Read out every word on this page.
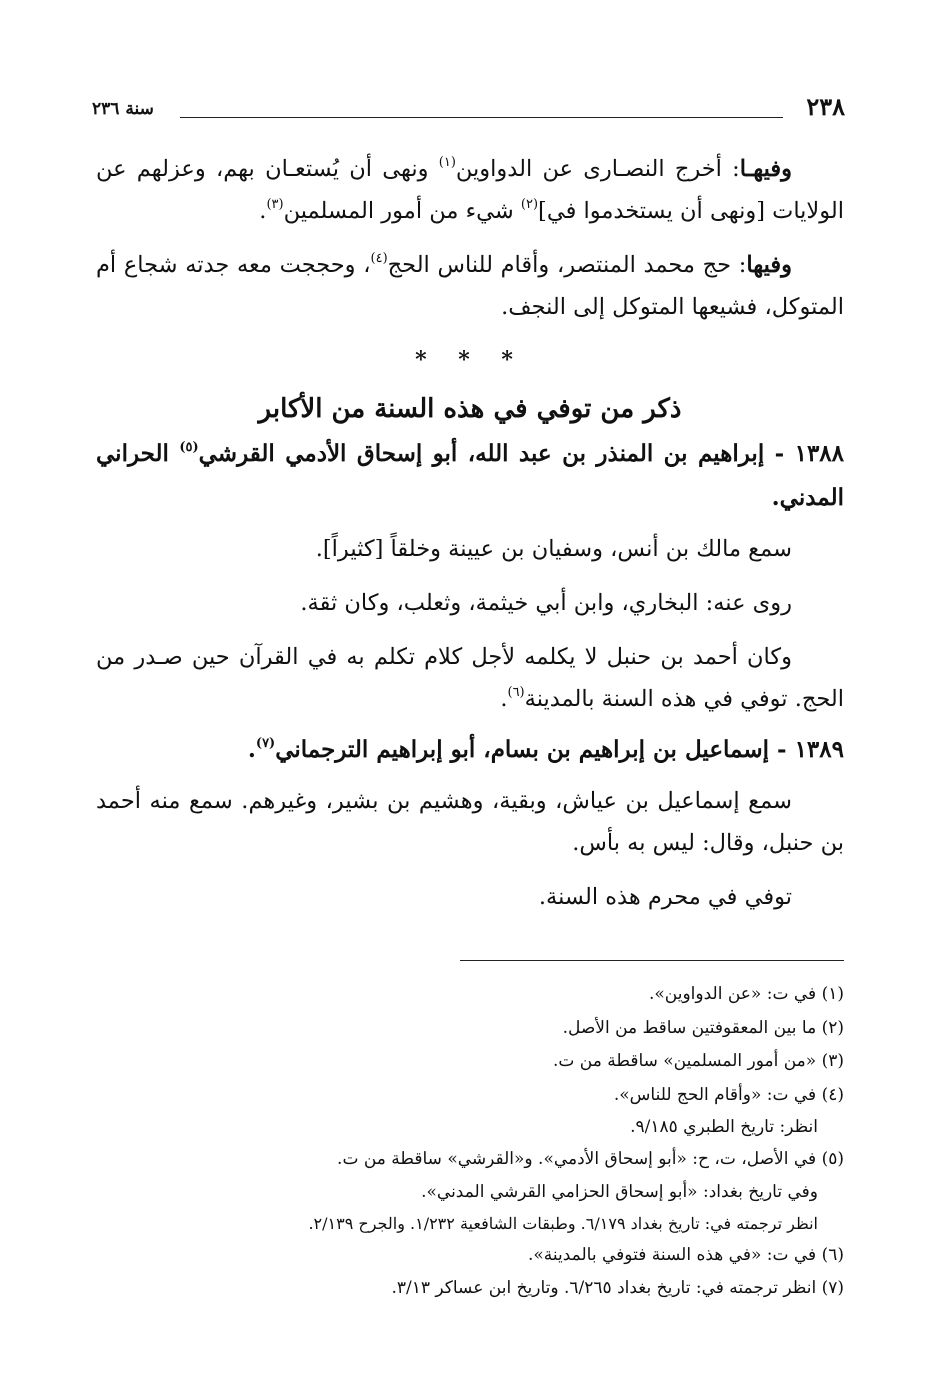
٢٣٨
سنة ٢٣٦

وفيهـا: أخرج النصـارى عن الدواوين$^{(١)}$ ونهى أن يُستعـان بهم، وعزلهم عن الولايات [ونهى أن يستخدموا في]$^{(٢)}$ شيء من أمور المسلمين$^{(٣)}$.

وفيها: حج محمد المنتصر، وأقام للناس الحج$^{(٤)}$، وحججت معه جدته شجاع أم المتوكل، فشيعها المتوكل إلى النجف.

* * *
ذكر من توفي في هذه السنة من الأكابر

١٣٨٨ - إبراهيم بن المنذر بن عبد الله، أبو إسحاق الأدمي القرشي$^{(٥)}$ الحراني المدني.

سمع مالك بن أنس، وسفيان بن عيينة وخلقاً [كثيراً].

روى عنه: البخاري، وابن أبي خيثمة، وثعلب، وكان ثقة.

وكان أحمد بن حنبل لا يكلمه لأجل كلام تكلم به في القرآن حين صـدر من الحج. توفي في هذه السنة بالمدينة$^{(٦)}$.

١٣٨٩ - إسماعيل بن إبراهيم بن بسام، أبو إبراهيم الترجماني$^{(٧)}$.

سمع إسماعيل بن عياش، وبقية، وهشيم بن بشير، وغيرهم. سمع منه أحمد بن حنبل، وقال: ليس به بأس.

توفي في محرم هذه السنة.

(١) في ت: «عن الدواوين».

(٢) ما بين المعقوفتين ساقط من الأصل.

(٣) «من أمور المسلمين» ساقطة من ت.

(٤) في ت: «وأقام الحج للناس».

انظر: تاريخ الطبري ٩/١٨٥.

(٥) في الأصل، ت، ح: «أبو إسحاق الأدمي». و«القرشي» ساقطة من ت.

وفي تاريخ بغداد: «أبو إسحاق الحزامي القرشي المدني».

انظر ترجمته في: تاريخ بغداد ٦/١٧٩. وطبقات الشافعية ١/٢٣٢. والجرح ٢/١٣٩.

(٦) في ت: «في هذه السنة فتوفي بالمدينة».

(٧) انظر ترجمته في: تاريخ بغداد ٦/٢٦٥. وتاريخ ابن عساكر ٣/١٣.
